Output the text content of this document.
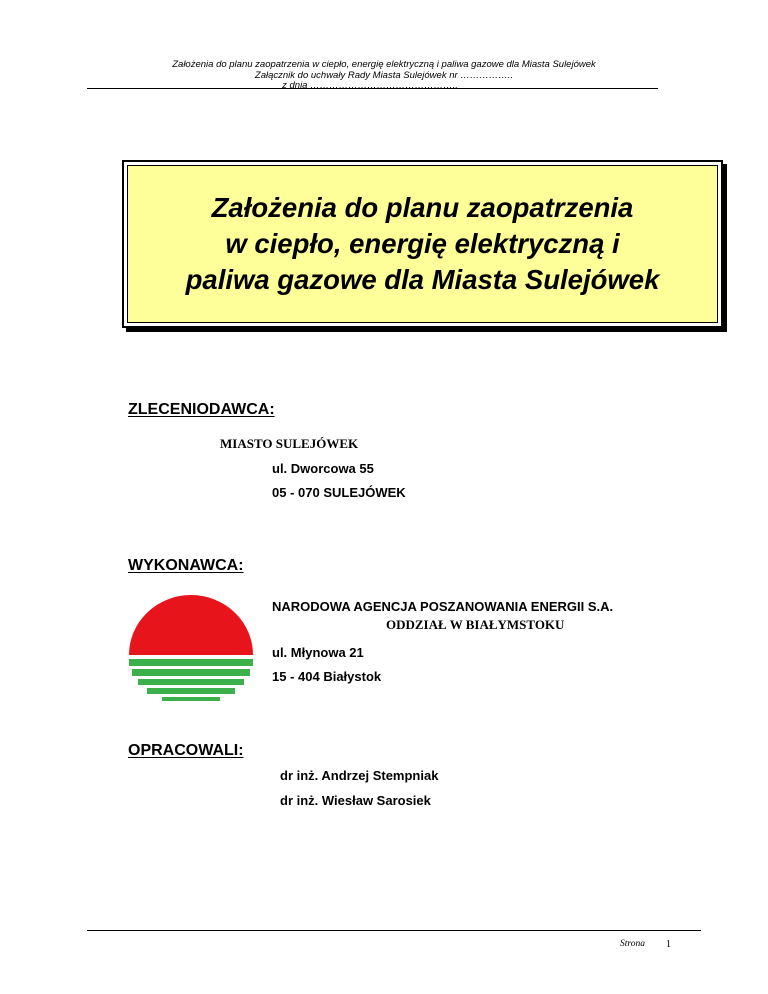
Założenia do planu zaopatrzenia w ciepło, energię elektryczną i paliwa gazowe dla Miasta Sulejówek
Załącznik do uchwały Rady Miasta Sulejówek nr ……………..
z dnia ………………………………………..
Założenia do planu zaopatrzenia
w ciepło, energię elektryczną i
paliwa gazowe dla Miasta Sulejówek
ZLECENIODAWCA:
MIASTO SULEJÓWEK
ul. Dworcowa 55
05 - 070 SULEJÓWEK
WYKONAWCA:
NARODOWA AGENCJA POSZANOWANIA ENERGII S.A.
ODDZIAŁ W BIAŁYMSTOKU
ul. Młynowa 21
15 - 404 Białystok
OPRACOWALI:
dr inż. Andrzej Stempniak
dr inż. Wiesław Sarosiek
Strona 1
